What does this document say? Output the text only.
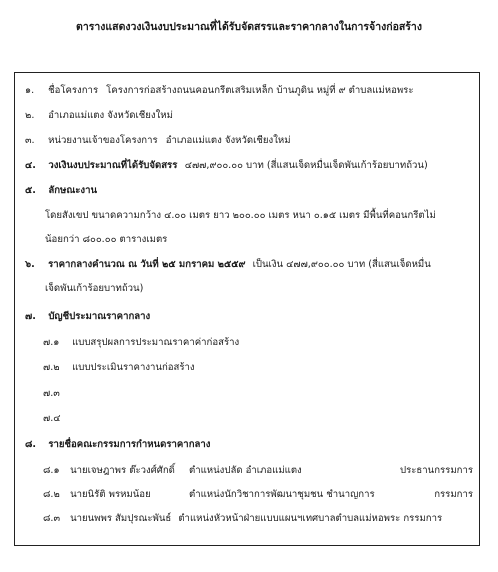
ตารางแสดงวงเงินงบประมาณที่ได้รับจัดสรรและราคากลางในการจ้างก่อสร้าง
๑. ชื่อโครงการ โครงการก่อสร้างถนนคอนกรีตเสริมเหล็ก บ้านภูดิน หมู่ที่ ๙ ตำบลแม่หอพระ
๒. อำเภอแม่แตง จังหวัดเชียงใหม่
๓. หน่วยงานเจ้าของโครงการ อำเภอแม่แตง จังหวัดเชียงใหม่
๔. วงเงินงบประมาณที่ได้รับจัดสรร ๔๗๗,๙๐๐.๐๐ บาท (สี่แสนเจ็ดหมื่นเจ็ดพันเก้าร้อยบาทถ้วน)
๕. ลักษณะงาน
โดยสังเขป ขนาดความกว้าง ๔.๐๐ เมตร ยาว ๒๐๐.๐๐ เมตร หนา ๐.๑๕ เมตร มีพื้นที่คอนกรีตไม่
น้อยกว่า ๘๐๐.๐๐ ตารางเมตร
๖. ราคากลางคำนวณ ณ วันที่ ๒๕ มกราคม ๒๕๕๙ เป็นเงิน ๔๗๗,๙๐๐.๐๐ บาท (สี่แสนเจ็ดหมื่น
เจ็ดพันเก้าร้อยบาทถ้วน)
๗. บัญชีประมาณราคากลาง
๗.๑ แบบสรุปผลการประมาณราคาค่าก่อสร้าง
๗.๒ แบบประเมินราคางานก่อสร้าง
๗.๓
๗.๔
๘. รายชื่อคณะกรรมการกำหนดราคากลาง
๘.๑ นายเจษฎาพร ต๊ะวงศ์ศักดิ์ ตำแหน่งปลัด อำเภอแม่แตง	ประธานกรรมการ
๘.๒ นายนิรัติ พรหมน้อย	ตำแหน่งนักวิชาการพัฒนาชุมชน ชำนาญการ	กรรมการ
๘.๓ นายนพพร สัมปุรณะพันธ์ ตำแหน่งหัวหน้าฝ่ายแบบแผนฯเทศบาลตำบลแม่หอพระ กรรมการ
